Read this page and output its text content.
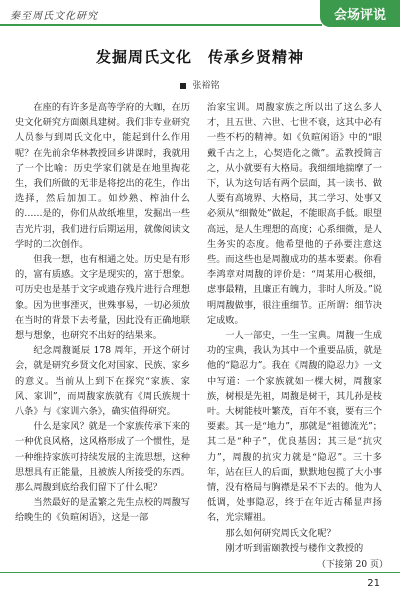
秦至周氏文化研究	会场评说
发掘周氏文化　传承乡贤精神
张裕铭

在座的有许多是高等学府的大咖，在历史文化研究方面颇具建树。我们非专业研究人员参与到周氏文化中，能起到什么作用呢？在先前余华林教授回乡讲课时，我就用了一个比喻：历史学家们就是在地里掏花生，我们所做的无非是将挖出的花生，作出选择，然后加加工。如炒熟、榨油什么的……是的，你们从故纸堆里，发掘出一些吉光片羽，我们进行后期运用，就像阅读文学时的二次创作。

但我一想，也有相通之处。历史是有形的，富有质感。文字是现实的，富于想象。可历史也是基于文字或遗存残片进行合理想象。因为世事湮灭，世殊事易，一切必须放在当时的背景下去考量，因此没有正确地联想与想象，也研究不出好的结果来。

纪念周馥诞辰 178 周年，开这个研讨会，就是研究乡贤文化对国家、民族、家乡的意义。当前从上到下在探究“家族、家风、家训”，而周馥家族就有《周氏族规十八条》与《家训六条》，确实值得研究。

什么是家风？就是一个家族传承下来的一种优良风格，这风格形成了一个惯性，是一种维持家族可持续发展的主流思想，这种思想具有正能量，且被族人所接受的东西。那么周馥到底给我们留下了什么呢？

当然最好的是孟繁之先生点校的周馥写给晚生的《负暄闲语》，这是一部

治家宝训。周馥家族之所以出了这么多人才，且五世、六世、七世不衰，这其中必有一些不朽的精神。如《负暄闲语》中的“眼戴千古之上，心契造化之微”。孟教授简言之，从小就要有大格局。我细细地揣摩了一下，认为这句话有两个层面，其一读书、做人要有高境界、大格局，其二学习、处事又必须从“细微处”做起，不能眼高手低。眼望高远，是人生理想的高度；心系细微，是人生务实的态度。他希望他的子孙要注意这些。而这些也是周馥成功的基本要素。你看李鸿章对周馥的评价是：“周某用心极细，虑事最精，且廉正有魄力，非时人所及。”说明周馥做事，很注重细节。正所谓：细节决定成败。

一人一部史，一生一宝典。周馥一生成功的宝典，我认为其中一个重要品质，就是他的“隐忍力”。我在《周馥的隐忍力》一文中写道：一个家族就如一棵大树，周馥家族，树根是先祖，周馥是树干，其儿孙是枝叶。大树能枝叶繁茂，百年不衰，要有三个要素。其一是“地力”，那就是“祖德流光”；其二是“种子”，优良基因；其三是“抗灾力”，周馥的抗灾力就是“隐忍”。三十多年，站在巨人的后面，默默地包揽了大小事情，没有格局与胸襟是呆不下去的。他为人低调，处事隐忍，终于在年近古稀显声扬名，光宗耀祖。

那么如何研究周氏文化呢？

刚才听到雷颐教授与楼作文教授的

（下接第 20 页）
21
